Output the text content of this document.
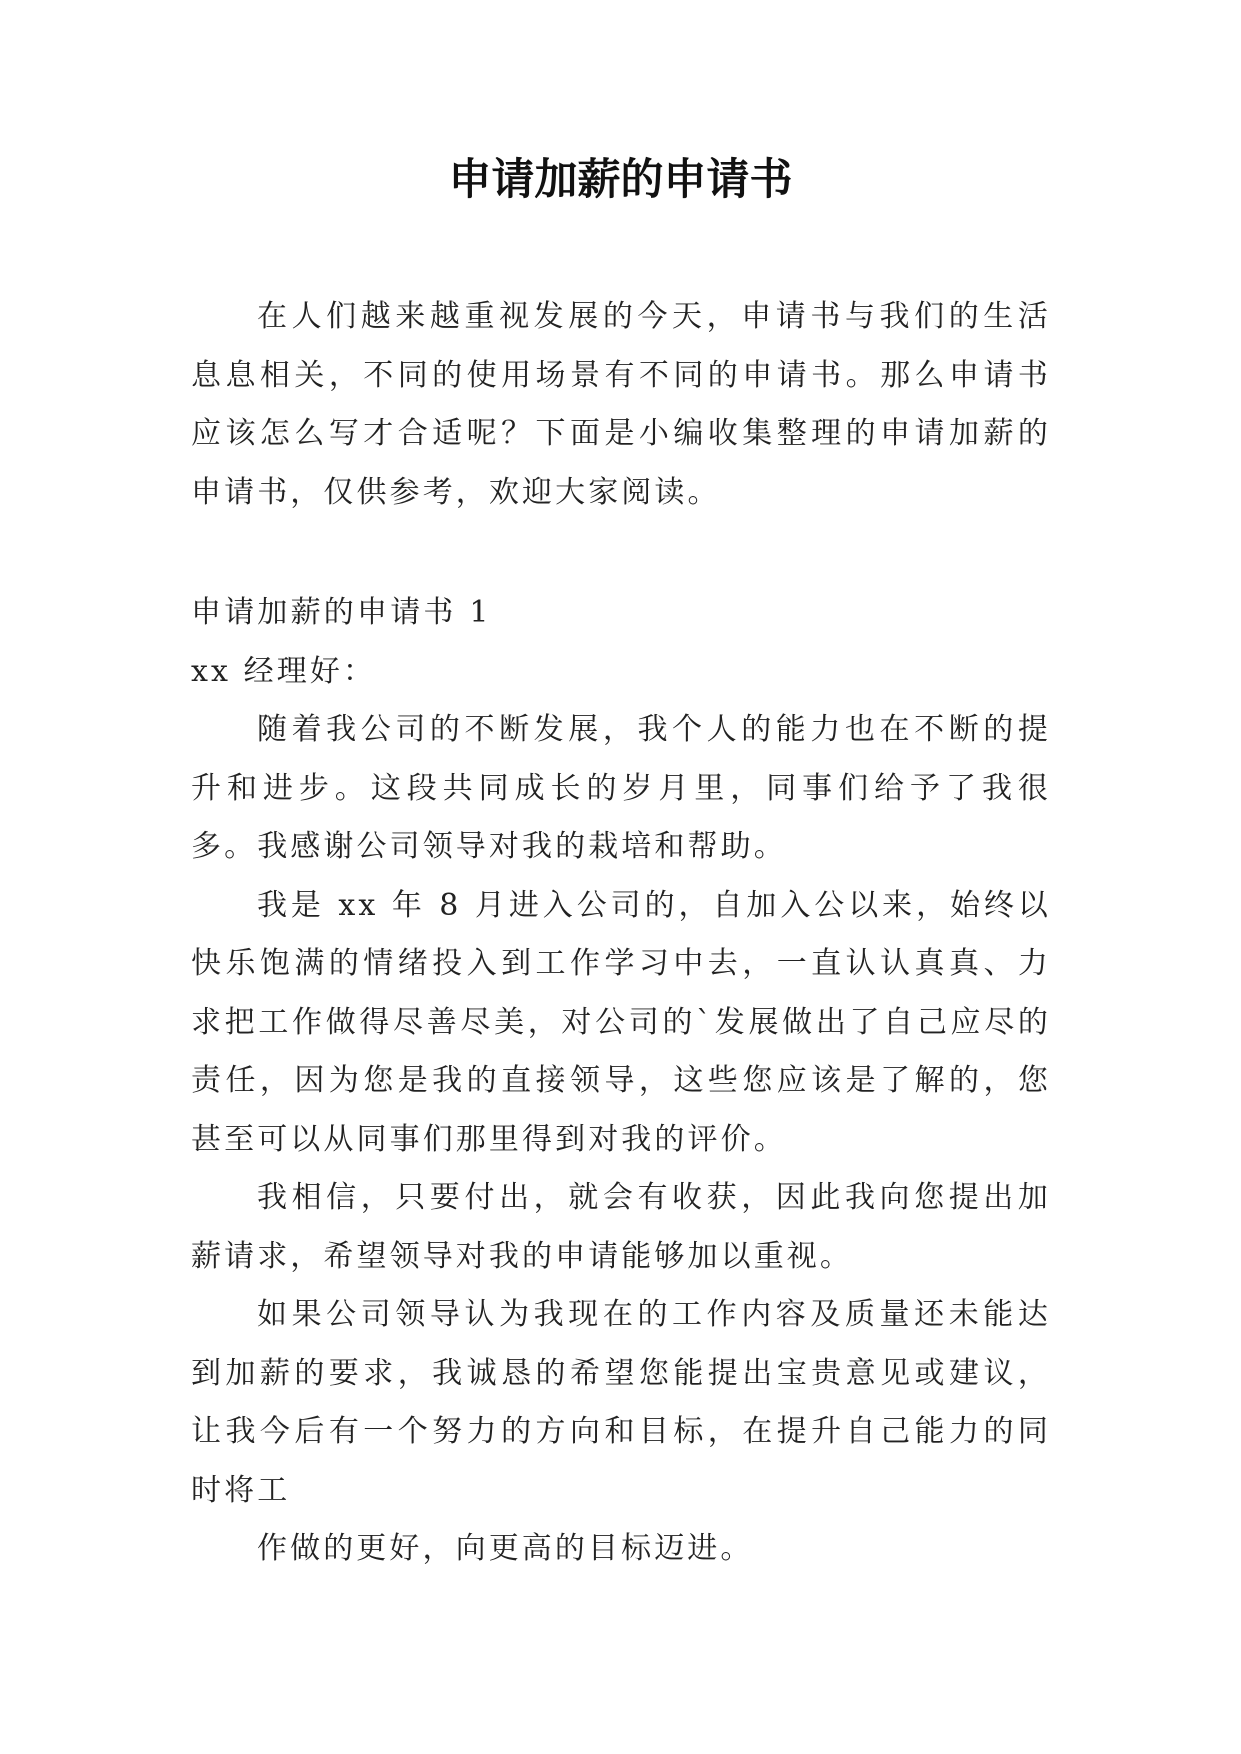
申请加薪的申请书

在人们越来越重视发展的今天，申请书与我们的生活息息相关，不同的使用场景有不同的申请书。那么申请书应该怎么写才合适呢？下面是小编收集整理的申请加薪的申请书，仅供参考，欢迎大家阅读。

申请加薪的申请书 1

xx 经理好：

随着我公司的不断发展，我个人的能力也在不断的提升和进步。这段共同成长的岁月里，同事们给予了我很多。我感谢公司领导对我的栽培和帮助。

我是 xx 年 8 月进入公司的，自加入公以来，始终以快乐饱满的情绪投入到工作学习中去，一直认认真真、力求把工作做得尽善尽美，对公司的`发展做出了自己应尽的责任，因为您是我的直接领导，这些您应该是了解的，您甚至可以从同事们那里得到对我的评价。

我相信，只要付出，就会有收获，因此我向您提出加薪请求，希望领导对我的申请能够加以重视。

如果公司领导认为我现在的工作内容及质量还未能达到加薪的要求，我诚恳的希望您能提出宝贵意见或建议，让我今后有一个努力的方向和目标，在提升自己能力的同时将工

作做的更好，向更高的目标迈进。
